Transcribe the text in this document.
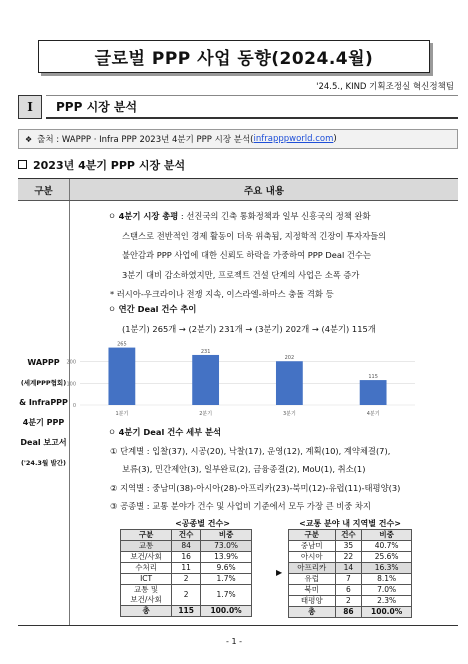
글로벌 PPP 사업 동향(2024.4월)
'24.5., KIND 기획조정실 혁신정책팀
I	PPP 시장 분석
❖ 출처 : WAPPP · Infra PPP 2023년 4분기 PPP 시장 분석( infrapppworld.com )
2023년 4분기 PPP 시장 분석
구분	주요 내용
WAPPP
(세계PPP협회)
& InfraPPP
4분기 PPP
Deal 보고서
('24.3월 발간)
ㅇ 4분기 시장 총평 : 선진국의 긴축 통화정책과 일부 신흥국의 정책 완화
스탠스로 전반적인 경제 활동이 더욱 위축됨, 지정학적 긴장이 투자자들의
불안감과 PPP 사업에 대한 신뢰도 하락을 가중하여 PPP Deal 건수는
3분기 대비 감소하였지만, 프로젝트 건설 단계의 사업은 소폭 증가
* 러시아-우크라이나 전쟁 지속, 이스라엘-하마스 충돌 격화 등
ㅇ 연간 Deal 건수 추이
(1분기) 265개 → (2분기) 231개 → (3분기) 202개 → (4분기) 115개
0
100
200
265
1분기
231
2분기
202
3분기
115
4분기
ㅇ 4분기 Deal 건수 세부 분석
① 단계별 : 입찰(37), 시공(20), 낙찰(17), 운영(12), 계획(10), 계약체결(7),
보류(3), 민간제안(3), 일부완료(2), 금융종결(2), MoU(1), 취소(1)
② 지역별 : 중남미(38)-아시아(28)-아프리카(23)-북미(12)-유럽(11)-태평양(3)
③ 공종별 : 교통 분야가 건수 및 사업비 기준에서 모두 가장 큰 비중 차지
<공종별 건수>
구분	건수	비중
교통	84	73.0%
보건/사회	16	13.9%
수처리	11	9.6%
ICT	2	1.7%
교통 및
보건/사회	2	1.7%
총	115	100.0%
▶
<교통 분야 내 지역별 건수>
구분	건수	비중
중남미	35	40.7%
아시아	22	25.6%
아프리카	14	16.3%
유럽	7	8.1%
북미	6	7.0%
태평양	2	2.3%
총	86	100.0%
- 1 -
